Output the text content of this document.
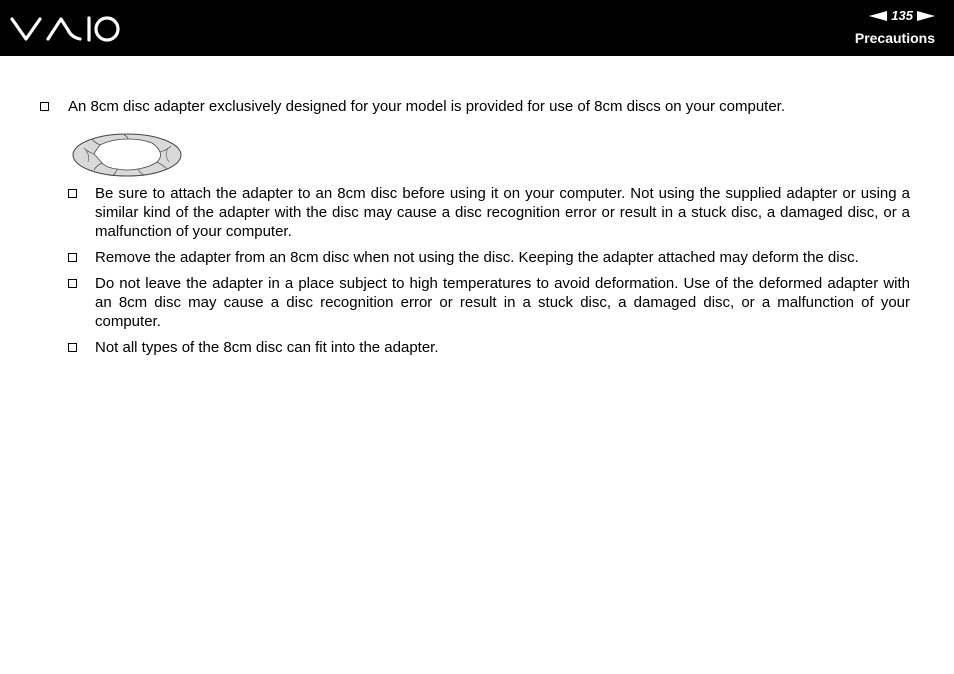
135
Precautions
An 8cm disc adapter exclusively designed for your model is provided for use of 8cm discs on your computer.
Be sure to attach the adapter to an 8cm disc before using it on your computer. Not using the supplied adapter or using a similar kind of the adapter with the disc may cause a disc recognition error or result in a stuck disc, a damaged disc, or a malfunction of your computer.
Remove the adapter from an 8cm disc when not using the disc. Keeping the adapter attached may deform the disc.
Do not leave the adapter in a place subject to high temperatures to avoid deformation. Use of the deformed adapter with an 8cm disc may cause a disc recognition error or result in a stuck disc, a damaged disc, or a malfunction of your computer.
Not all types of the 8cm disc can fit into the adapter.
